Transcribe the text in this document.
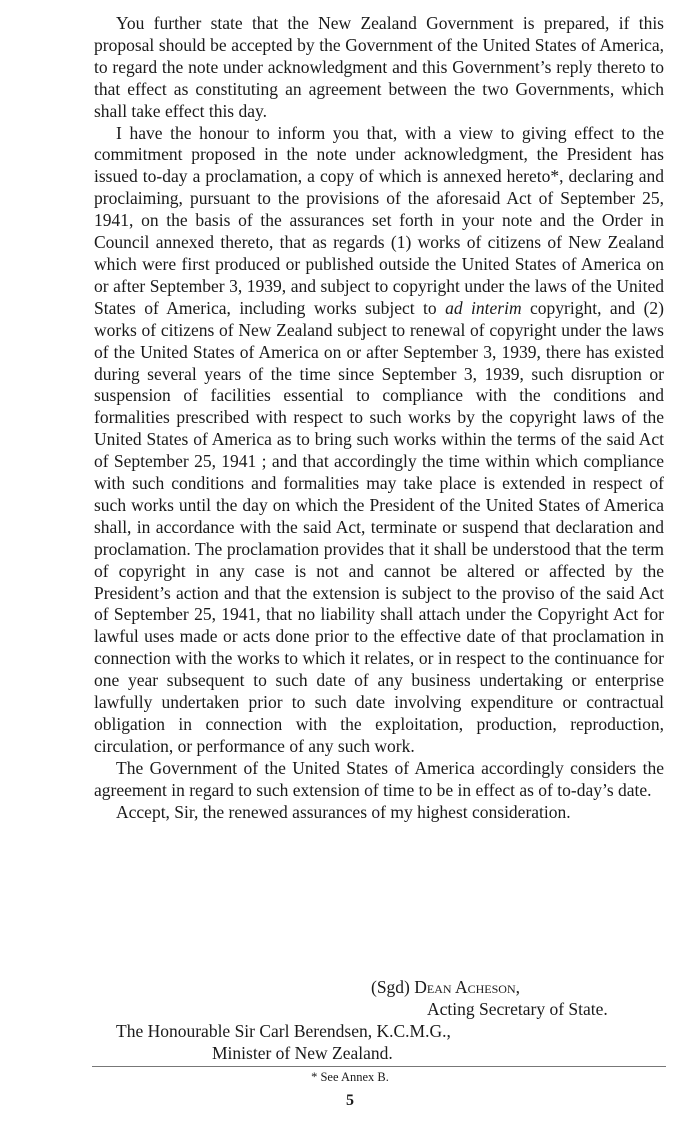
You further state that the New Zealand Government is prepared, if this proposal should be accepted by the Government of the United States of America, to regard the note under acknowledgment and this Government’s reply thereto to that effect as constituting an agreement between the two Governments, which shall take effect this day.

I have the honour to inform you that, with a view to giving effect to the commitment proposed in the note under acknowledgment, the President has issued to-day a proclamation, a copy of which is annexed hereto*, declaring and proclaiming, pursuant to the provisions of the aforesaid Act of September 25, 1941, on the basis of the assurances set forth in your note and the Order in Council annexed thereto, that as regards (1) works of citizens of New Zealand which were first produced or published outside the United States of America on or after September 3, 1939, and subject to copyright under the laws of the United States of America, including works subject to ad interim copyright, and (2) works of citizens of New Zealand subject to renewal of copyright under the laws of the United States of America on or after September 3, 1939, there has existed during several years of the time since September 3, 1939, such disruption or suspension of facilities essential to compliance with the conditions and formalities prescribed with respect to such works by the copyright laws of the United States of America as to bring such works within the terms of the said Act of September 25, 1941 ; and that accordingly the time within which compliance with such conditions and formalities may take place is extended in respect of such works until the day on which the President of the United States of America shall, in accordance with the said Act, terminate or suspend that declaration and proclamation. The proclamation provides that it shall be understood that the term of copyright in any case is not and cannot be altered or affected by the President’s action and that the extension is subject to the proviso of the said Act of September 25, 1941, that no liability shall attach under the Copyright Act for lawful uses made or acts done prior to the effective date of that proclamation in connection with the works to which it relates, or in respect to the continuance for one year subsequent to such date of any business undertaking or enterprise lawfully undertaken prior to such date involving expenditure or contractual obligation in connection with the exploitation, production, reproduction, circulation, or performance of any such work.

The Government of the United States of America accordingly considers the agreement in regard to such extension of time to be in effect as of to-day’s date.

Accept, Sir, the renewed assurances of my highest consideration.

(Sgd) Dean Acheson,
Acting Secretary of State.
The Honourable Sir Carl Berendsen, K.C.M.G.,
Minister of New Zealand.
* See Annex B.
5
